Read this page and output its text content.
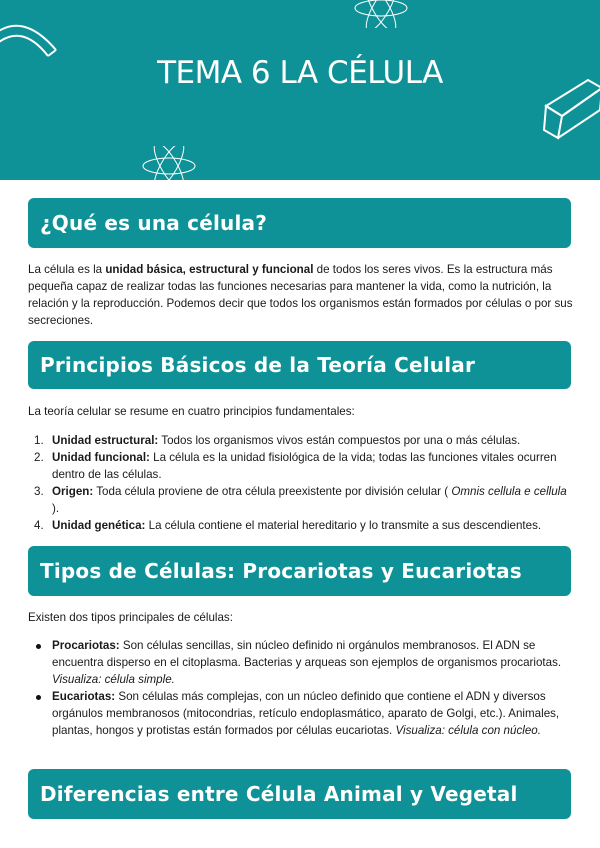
TEMA 6 LA CÉLULA
¿Qué es una célula?

La célula es la unidad básica, estructural y funcional de todos los seres vivos. Es la estructura más pequeña capaz de realizar todas las funciones necesarias para mantener la vida, como la nutrición, la relación y la reproducción. Podemos decir que todos los organismos están formados por células o por sus secreciones.

Principios Básicos de la Teoría Celular

La teoría celular se resume en cuatro principios fundamentales:

1. Unidad estructural: Todos los organismos vivos están compuestos por una o más células.
2. Unidad funcional: La célula es la unidad fisiológica de la vida; todas las funciones vitales ocurren dentro de las células.
3. Origen: Toda célula proviene de otra célula preexistente por división celular ( Omnis cellula e cellula ).
4. Unidad genética: La célula contiene el material hereditario y lo transmite a sus descendientes.
Tipos de Células: Procariotas y Eucariotas

Existen dos tipos principales de células:

Procariotas: Son células sencillas, sin núcleo definido ni orgánulos membranosos. El ADN se encuentra disperso en el citoplasma. Bacterias y arqueas son ejemplos de organismos procariotas. Visualiza: célula simple.
Eucariotas: Son células más complejas, con un núcleo definido que contiene el ADN y diversos orgánulos membranosos (mitocondrias, retículo endoplasmático, aparato de Golgi, etc.). Animales, plantas, hongos y protistas están formados por células eucariotas. Visualiza: célula con núcleo.
Diferencias entre Célula Animal y Vegetal
